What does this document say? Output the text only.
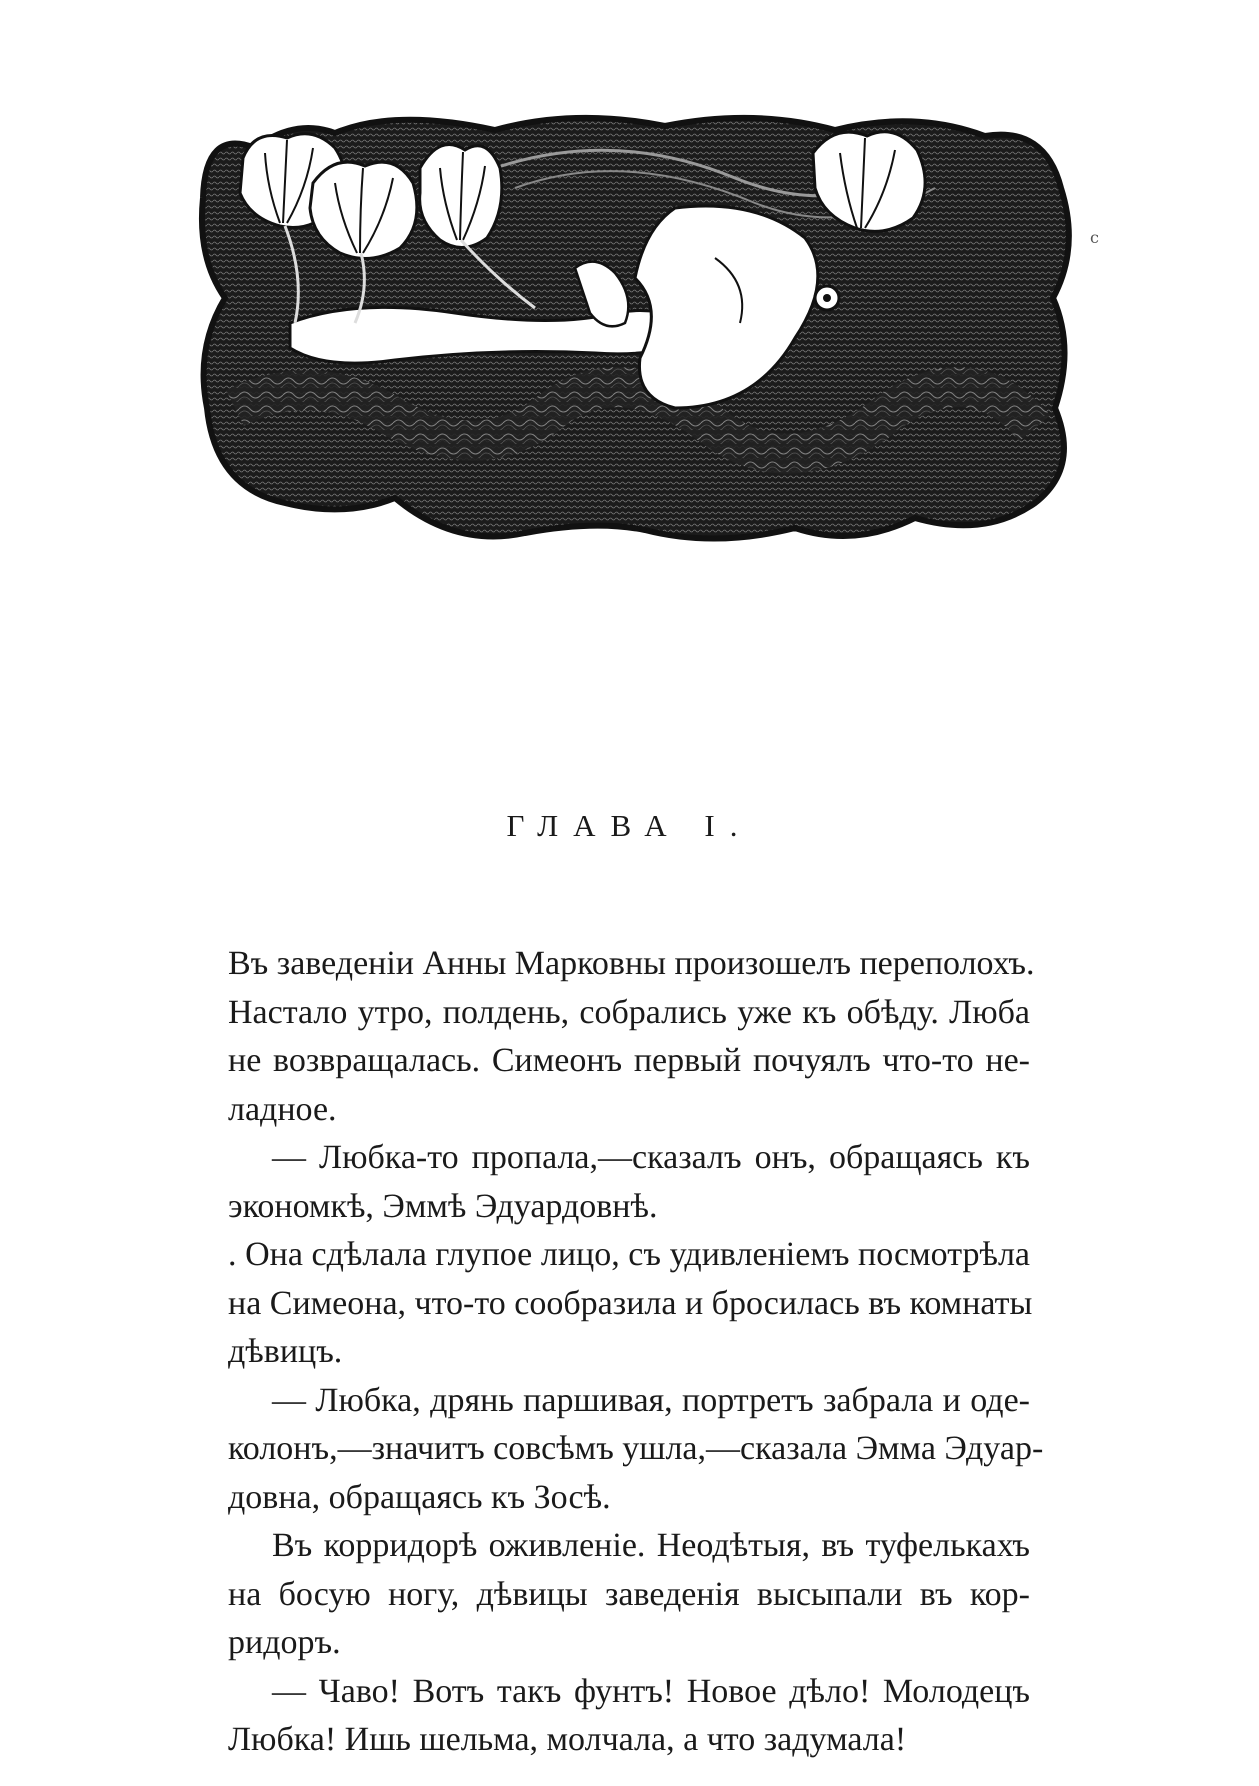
c
ГЛАВА I.
Въ заведенiи Анны Марковны произошелъ переполохъ.
Настало утро, полдень, собрались уже къ обѣду. Люба
не возвращалась. Симеонъ первый почуялъ что-то не-
ладное.
— Любка-то пропала,—сказалъ онъ, обращаясь къ
экономкѣ, Эммѣ Эдуардовнѣ.
. Она сдѣлала глупое лицо, съ удивленiемъ посмотрѣла
на Симеона, что-то сообразила и бросилась въ комнаты
дѣвицъ.
— Любка, дрянь паршивая, портретъ забрала и оде-
колонъ,—значитъ совсѣмъ ушла,—сказала Эмма Эдуар-
довна, обращаясь къ Зосѣ.
Въ корридорѣ оживленiе. Неодѣтыя, въ туфелькахъ
на босую ногу, дѣвицы заведенiя высыпали въ кор-
ридоръ.
— Чаво! Вотъ такъ фунтъ! Новое дѣло! Молодецъ
Любка! Ишь шельма, молчала, а что задумала!
